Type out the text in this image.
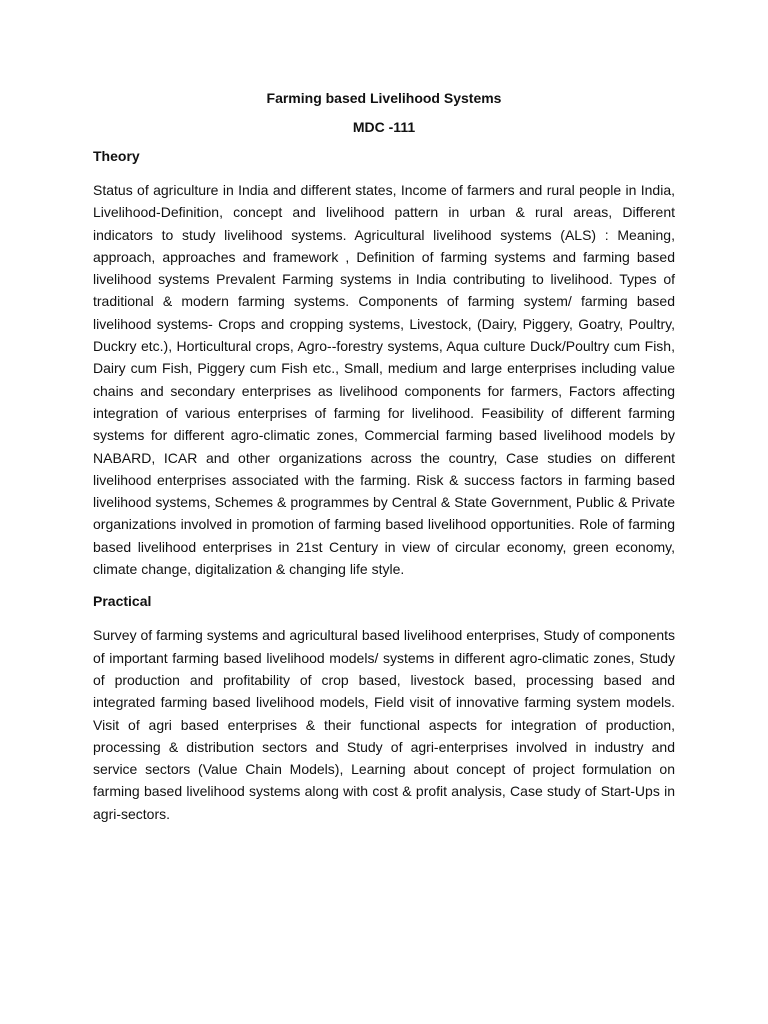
Farming based Livelihood Systems

MDC -111

Theory

Status of agriculture in India and different states, Income of farmers and rural people in India, Livelihood-Definition, concept and livelihood pattern in urban & rural areas, Different indicators to study livelihood systems. Agricultural livelihood systems (ALS) : Meaning, approach, approaches and framework , Definition of farming systems and farming based livelihood systems Prevalent Farming systems in India contributing to livelihood. Types of traditional & modern farming systems. Components of farming system/ farming based livelihood systems- Crops and cropping systems, Livestock, (Dairy, Piggery, Goatry, Poultry, Duckry etc.), Horticultural crops, Agro--forestry systems, Aqua culture Duck/Poultry cum Fish, Dairy cum Fish, Piggery cum Fish etc., Small, medium and large enterprises including value chains and secondary enterprises as livelihood components for farmers, Factors affecting integration of various enterprises of farming for livelihood. Feasibility of different farming systems for different agro-climatic zones, Commercial farming based livelihood models by NABARD, ICAR and other organizations across the country, Case studies on different livelihood enterprises associated with the farming. Risk & success factors in farming based livelihood systems, Schemes & programmes by Central & State Government, Public & Private organizations involved in promotion of farming based livelihood opportunities. Role of farming based livelihood enterprises in 21st Century in view of circular economy, green economy, climate change, digitalization & changing life style.

Practical

Survey of farming systems and agricultural based livelihood enterprises, Study of components of important farming based livelihood models/ systems in different agro-climatic zones, Study of production and profitability of crop based, livestock based, processing based and integrated farming based livelihood models, Field visit of innovative farming system models. Visit of agri based enterprises & their functional aspects for integration of production, processing & distribution sectors and Study of agri-enterprises involved in industry and service sectors (Value Chain Models), Learning about concept of project formulation on farming based livelihood systems along with cost & profit analysis, Case study of Start-Ups in agri-sectors.
